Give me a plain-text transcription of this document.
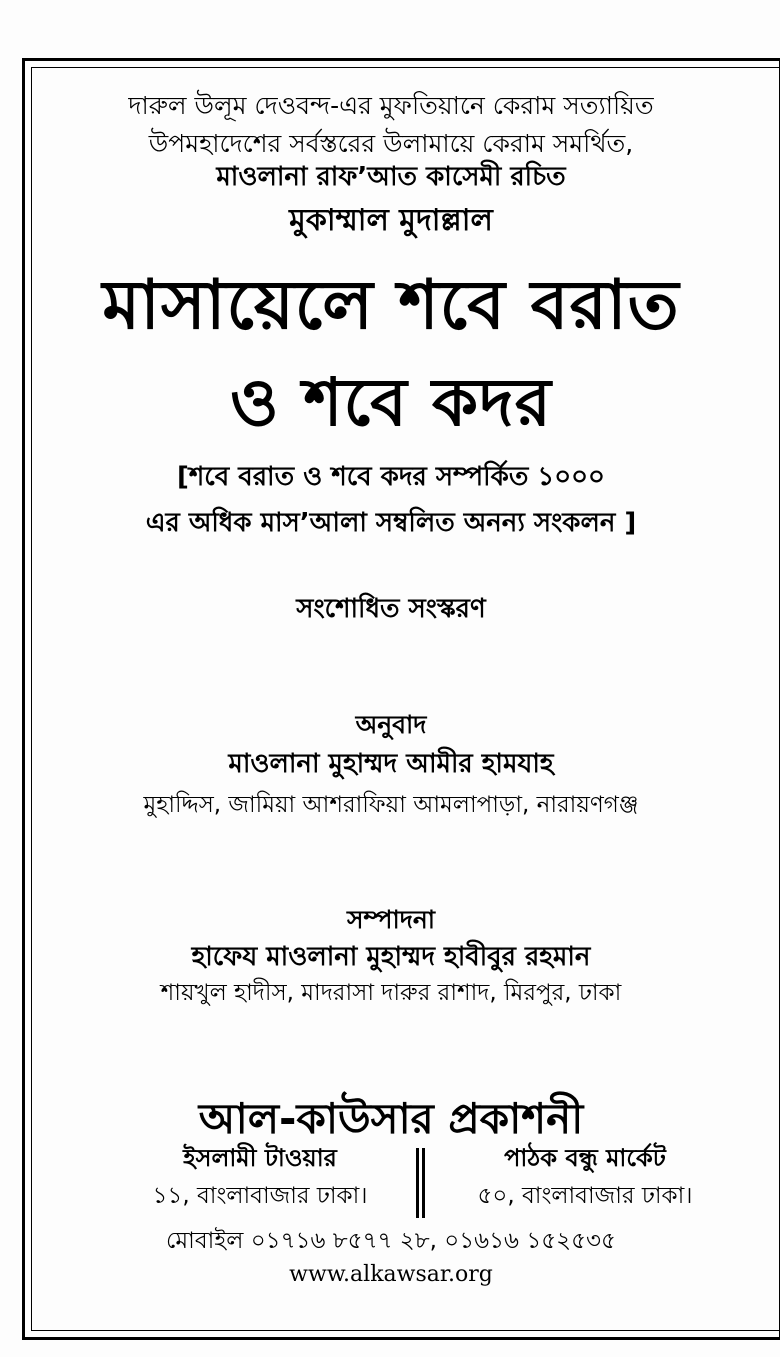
দারুল উলূম দেওবন্দ-এর মুফতিয়ানে কেরাম সত্যায়িত
উপমহাদেশের সর্বস্তরের উলামায়ে কেরাম সমর্থিত,
মাওলানা রাফ’আত কাসেমী রচিত
মুকাম্মাল মুদাল্লাল
মাসায়েলে শবে বরাত
ও শবে কদর
[শবে বরাত ও শবে কদর সম্পর্কিত ১০০০
এর অধিক মাস’আলা সম্বলিত অনন্য সংকলন ]
সংশোধিত সংস্করণ
অনুবাদ
মাওলানা মুহাম্মদ আমীর হামযাহ
মুহাদ্দিস, জামিয়া আশরাফিয়া আমলাপাড়া, নারায়ণগঞ্জ
সম্পাদনা
হাফেয মাওলানা মুহাম্মদ হাবীবুর রহমান
শায়খুল হাদীস, মাদরাসা দারুর রাশাদ, মিরপুর, ঢাকা
আল-কাউসার প্রকাশনী
ইসলামী টাওয়ার
১১, বাংলাবাজার ঢাকা।
পাঠক বন্ধু মার্কেট
৫০, বাংলাবাজার ঢাকা।
মোবাইল ০১৭১৬ ৮৫৭৭ ২৮, ০১৬১৬ ১৫২৫৩৫
www.alkawsar.org
